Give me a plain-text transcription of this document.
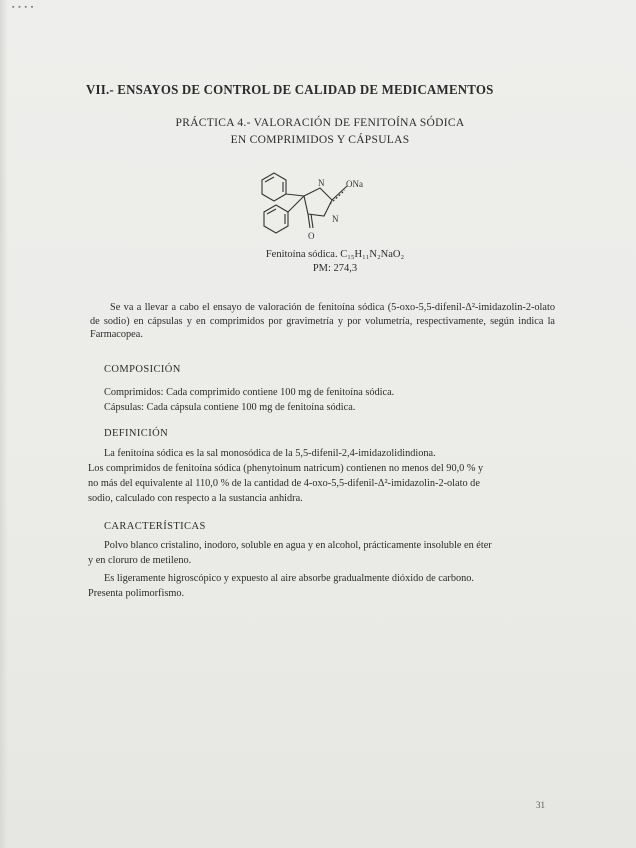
▪ ▪ ▪ ▪
VII.- ENSAYOS DE CONTROL DE CALIDAD DE MEDICAMENTOS
PRÁCTICA 4.- VALORACIÓN DE FENITOÍNA SÓDICA
EN COMPRIMIDOS Y CÁPSULAS
N
N
ONa
O
Fenitoína sódica. C₁₅H₁₁N₂NaO₂
PM: 274,3
Se va a llevar a cabo el ensayo de valoración de fenitoína sódica (5-oxo-5,5-difenil-Δ²-imidazolin-2-olato de sodio) en cápsulas y en comprimidos por gravimetría y por volumetría, respectivamente, según indica la Farmacopea.
COMPOSICIÓN
Comprimidos: Cada comprimido contiene 100 mg de fenitoína sódica.
Cápsulas: Cada cápsula contiene 100 mg de fenitoína sódica.
DEFINICIÓN
La fenitoína sódica es la sal monosódica de la 5,5-difenil-2,4-imidazolidindiona.
Los comprimidos de fenitoína sódica (phenytoinum natricum) contienen no menos del 90,0 % y
no más del equivalente al 110,0 % de la cantidad de 4-oxo-5,5-difenil-Δ²-imidazolin-2-olato de
sodio, calculado con respecto a la sustancia anhidra.
CARACTERÍSTICAS
Polvo blanco cristalino, inodoro, soluble en agua y en alcohol, prácticamente insoluble en éter
y en cloruro de metileno.
Es ligeramente higroscópico y expuesto al aire absorbe gradualmente dióxido de carbono.
Presenta polimorfismo.
31
